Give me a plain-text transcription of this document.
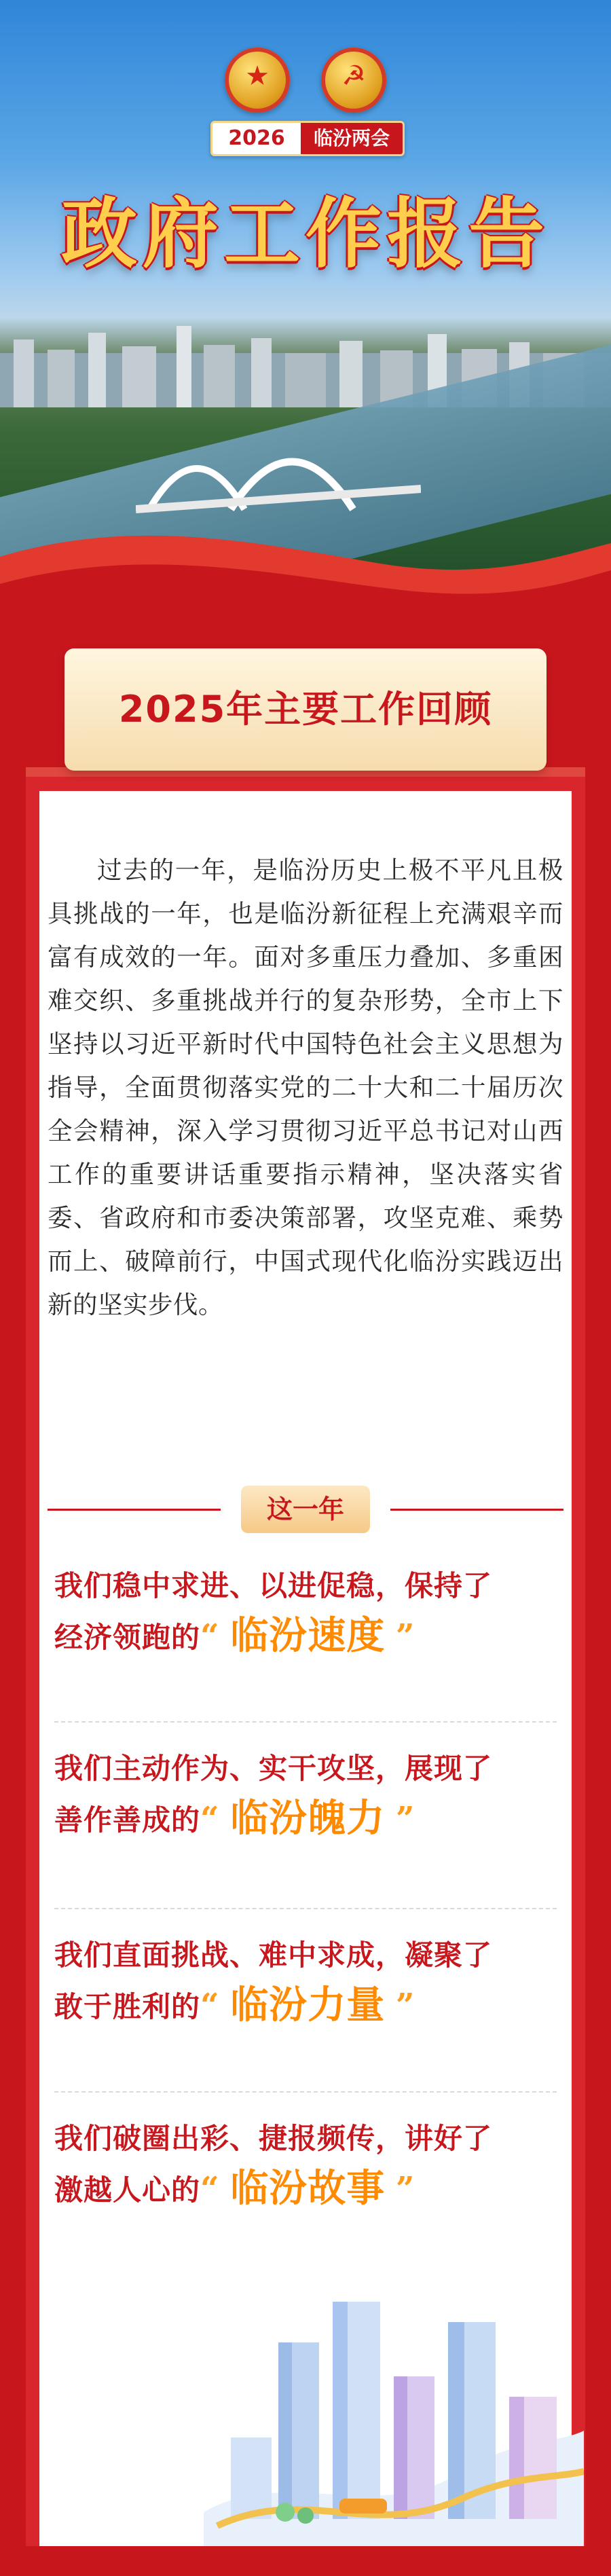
★	☭
2026	临汾两会
政府工作报告
2025年主要工作回顾

过去的一年，是临汾历史上极不平凡且极具挑战的一年，也是临汾新征程上充满艰辛而富有成效的一年。面对多重压力叠加、多重困难交织、多重挑战并行的复杂形势，全市上下坚持以习近平新时代中国特色社会主义思想为指导，全面贯彻落实党的二十大和二十届历次全会精神，深入学习贯彻习近平总书记对山西工作的重要讲话重要指示精神，坚决落实省委、省政府和市委决策部署，攻坚克难、乘势而上、破障前行，中国式现代化临汾实践迈出新的坚实步伐。

这一年
我们稳中求进、以进促稳，保持了
经济领跑的“ 临汾速度 ”
我们主动作为、实干攻坚，展现了
善作善成的“ 临汾魄力 ”
我们直面挑战、难中求成，凝聚了
敢于胜利的“ 临汾力量 ”
我们破圈出彩、捷报频传，讲好了
激越人心的“ 临汾故事 ”
